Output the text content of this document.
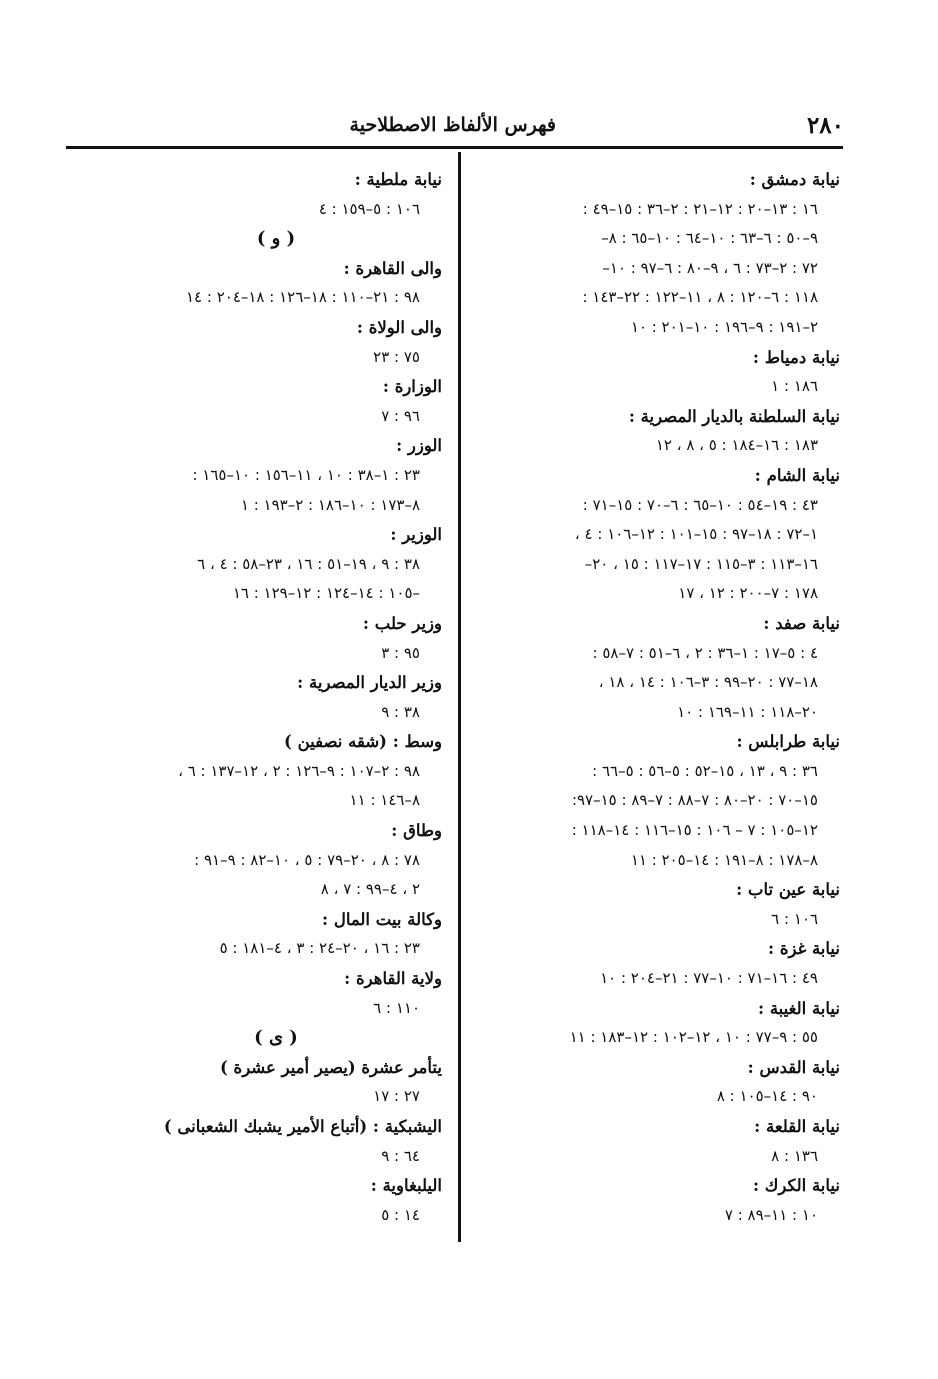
٢٨٠
فهرس الألفاظ الاصطلاحية
نيابة دمشق :
١٦ : ١٣–٢٠ : ١٢–٢١ : ٢–٣٦ : ١٥–٤٩ :
٩–٥٠ : ٦–٦٣ : ١٠–٦٤ : ١٠–٦٥ : ٨–
٧٢ : ٢–٧٣ : ٦ ، ٩–٨٠ : ٦–٩٧ : ١٠–
١١٨ : ٦–١٢٠ : ٨ ، ١١–١٢٢ : ٢٢–١٤٣ :
٢–١٩١ : ٩–١٩٦ : ١٠–٢٠١ : ١٠
نيابة دمياط :
١٨٦ : ١
نيابة السلطنة بالديار المصرية :
١٨٣ : ١٦–١٨٤ : ٥ ، ٨ ، ١٢
نيابة الشام :
٤٣ : ١٩–٥٤ : ١٠–٦٥ : ٦–٧٠ : ١٥–٧١ :
١–٧٢ : ١٨–٩٧ : ١٥–١٠١ : ١٢–١٠٦ : ٤ ،
١٦–١١٣ : ٣–١١٥ : ١٧–١١٧ : ١٥ ، ٢٠–
١٧٨ : ٧–٢٠٠ : ١٢ ، ١٧
نيابة صفد :
٤ : ٥–١٧ : ١–٣٦ : ٢ ، ٦–٥١ : ٧–٥٨ :
١٨–٧٧ : ٢٠–٩٩ : ٣–١٠٦ : ١٤ ، ١٨ ،
٢٠–١١٨ : ١١–١٦٩ : ١٠
نيابة طرابلس :
٣٦ : ٩ ، ١٣ ، ١٥–٥٢ : ٥–٥٦ : ٥–٦٦ :
١٥–٧٠ : ٢٠–٨٠ : ٧–٨٨ : ٧–٨٩ : ١٥–٩٧:
١٢–١٠٥ : ٧ – ١٠٦ : ١٥–١١٦ : ١٤–١١٨ :
٨–١٧٨ : ٨–١٩١ : ١٤–٢٠٥ : ١١
نيابة عين تاب :
١٠٦ : ٦
نيابة غزة :
٤٩ : ١٦–٧١ : ١٠–٧٧ : ٢١–٢٠٤ : ١٠
نيابة الغيبة :
٥٥ : ٩–٧٧ : ١٠ ، ١٢–١٠٢ : ١٢–١٨٣ : ١١
نيابة القدس :
٩٠ : ١٤–١٠٥ : ٨
نيابة القلعة :
١٣٦ : ٨
نيابة الكرك :
١٠ : ١١–٨٩ : ٧
نيابة ملطية :
١٠٦ : ٥–١٥٩ : ٤
( و )
والى القاهرة :
٩٨ : ٢١–١١٠ : ١٨–١٢٦ : ١٨–٢٠٤ : ١٤
والى الولاة :
٧٥ : ٢٣
الوزارة :
٩٦ : ٧
الوزر :
٢٣ : ١–٣٨ : ١٠ ، ١١–١٥٦ : ١٠–١٦٥ :
٨–١٧٣ : ١٠–١٨٦ : ٢–١٩٣ : ١
الوزير :
٣٨ : ٩ ، ١٩–٥١ : ١٦ ، ٢٣–٥٨ : ٤ ، ٦
–١٠٥ : ١٤–١٢٤ : ١٢–١٢٩ : ١٦
وزير حلب :
٩٥ : ٣
وزير الديار المصرية :
٣٨ : ٩
وسط : (شقه نصفين )
٩٨ : ٢–١٠٧ : ٩–١٢٦ : ٢ ، ١٢–١٣٧ : ٦ ،
٨–١٤٦ : ١١
وطاق :
٧٨ : ٨ ، ٢٠–٧٩ : ٥ ، ١٠–٨٢ : ٩–٩١ :
٢ ، ٤–٩٩ : ٧ ، ٨
وكالة بيت المال :
٢٣ : ١٦ ، ٢٠–٢٤ : ٣ ، ٤–١٨١ : ٥
ولاية القاهرة :
١١٠ : ٦
( ى )
يتأمر عشرة (يصير أمير عشرة )
٢٧ : ١٧
اليشبكية : (أتباع الأمير يشبك الشعبانى )
٦٤ : ٩
اليلبغاوية :
١٤ : ٥
